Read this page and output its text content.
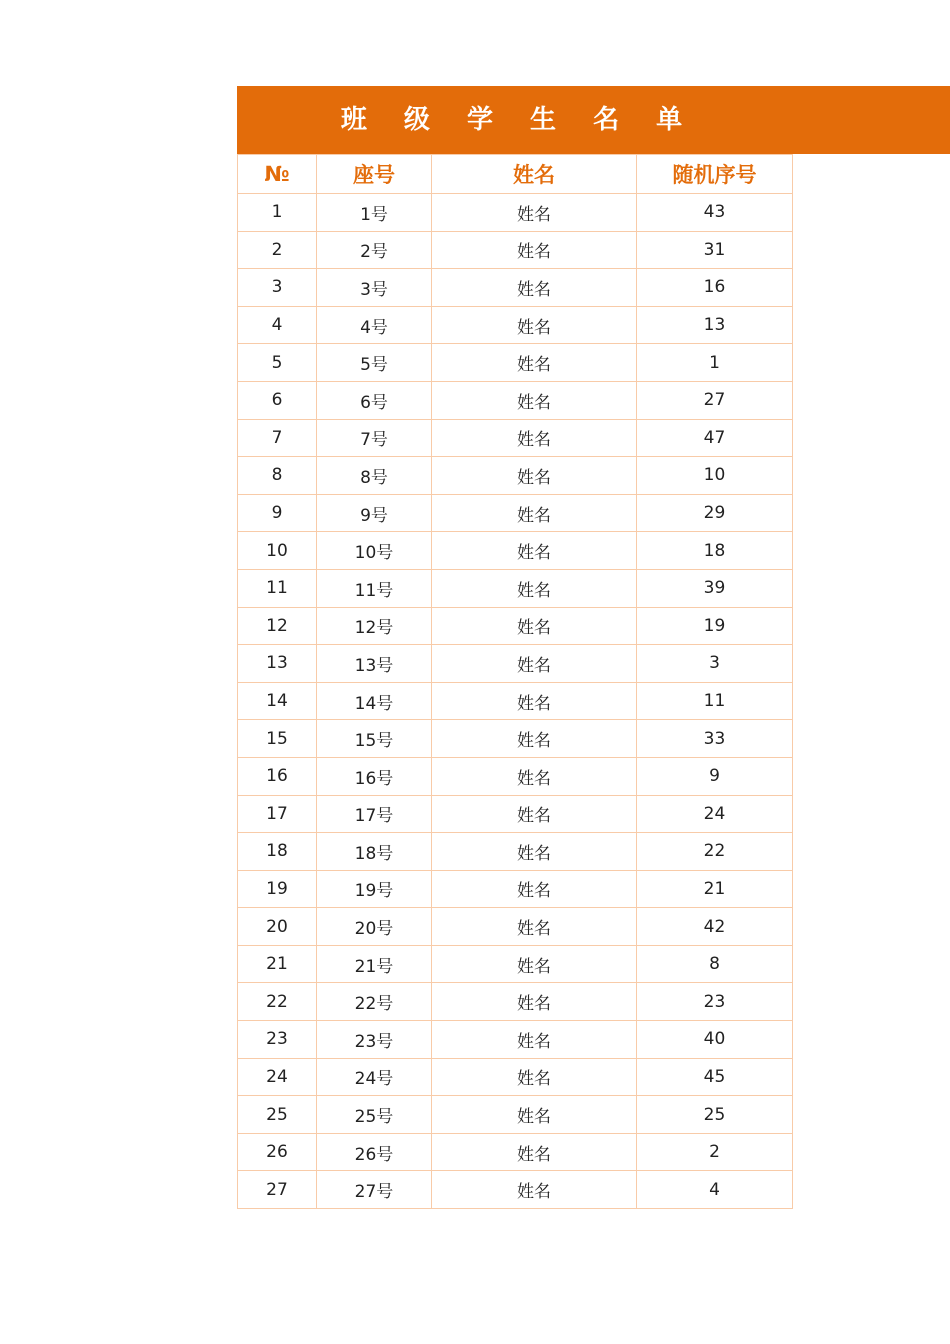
班 级 学 生 名 单
№	座号	姓名	随机序号
1	1号	姓名	43
2	2号	姓名	31
3	3号	姓名	16
4	4号	姓名	13
5	5号	姓名	1
6	6号	姓名	27
7	7号	姓名	47
8	8号	姓名	10
9	9号	姓名	29
10	10号	姓名	18
11	11号	姓名	39
12	12号	姓名	19
13	13号	姓名	3
14	14号	姓名	11
15	15号	姓名	33
16	16号	姓名	9
17	17号	姓名	24
18	18号	姓名	22
19	19号	姓名	21
20	20号	姓名	42
21	21号	姓名	8
22	22号	姓名	23
23	23号	姓名	40
24	24号	姓名	45
25	25号	姓名	25
26	26号	姓名	2
27	27号	姓名	4
